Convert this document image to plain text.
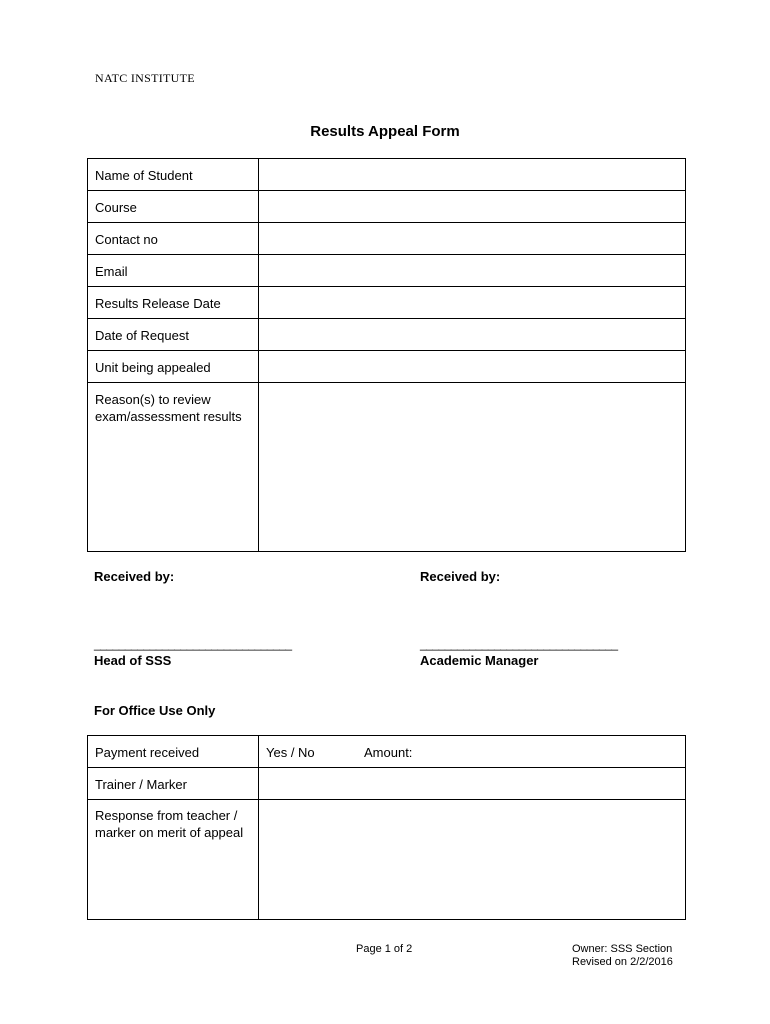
NATC INSTITUTE
Results Appeal Form
Name of Student	
Course	
Contact no	
Email	
Results Release Date	
Date of Request	
Unit being appealed	
Reason(s) to review exam/assessment results	
Received by:	Received by:
________________________________	________________________________
Head of SSS	Academic Manager
For Office Use Only
Payment received	Yes / No Amount:
Trainer / Marker	
Response from teacher / marker on merit of appeal	
Page 1 of 2	Owner: SSS Section
Revised on 2/2/2016
